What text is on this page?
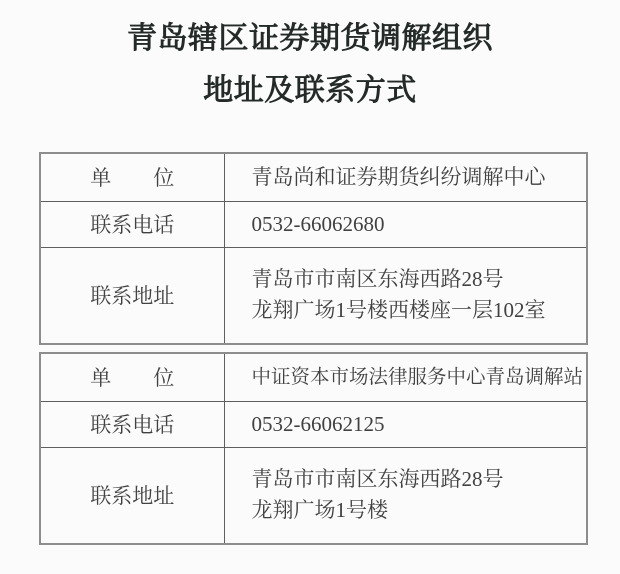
青岛辖区证券期货调解组织
地址及联系方式
单　　位	青岛尚和证券期货纠纷调解中心

联系电话	0532-66062680

联系地址	青岛市市南区东海西路28号
龙翔广场1号楼西楼座一层102室
单　　位	中证资本市场法律服务中心青岛调解站

联系电话	0532-66062125

联系地址	青岛市市南区东海西路28号
龙翔广场1号楼
